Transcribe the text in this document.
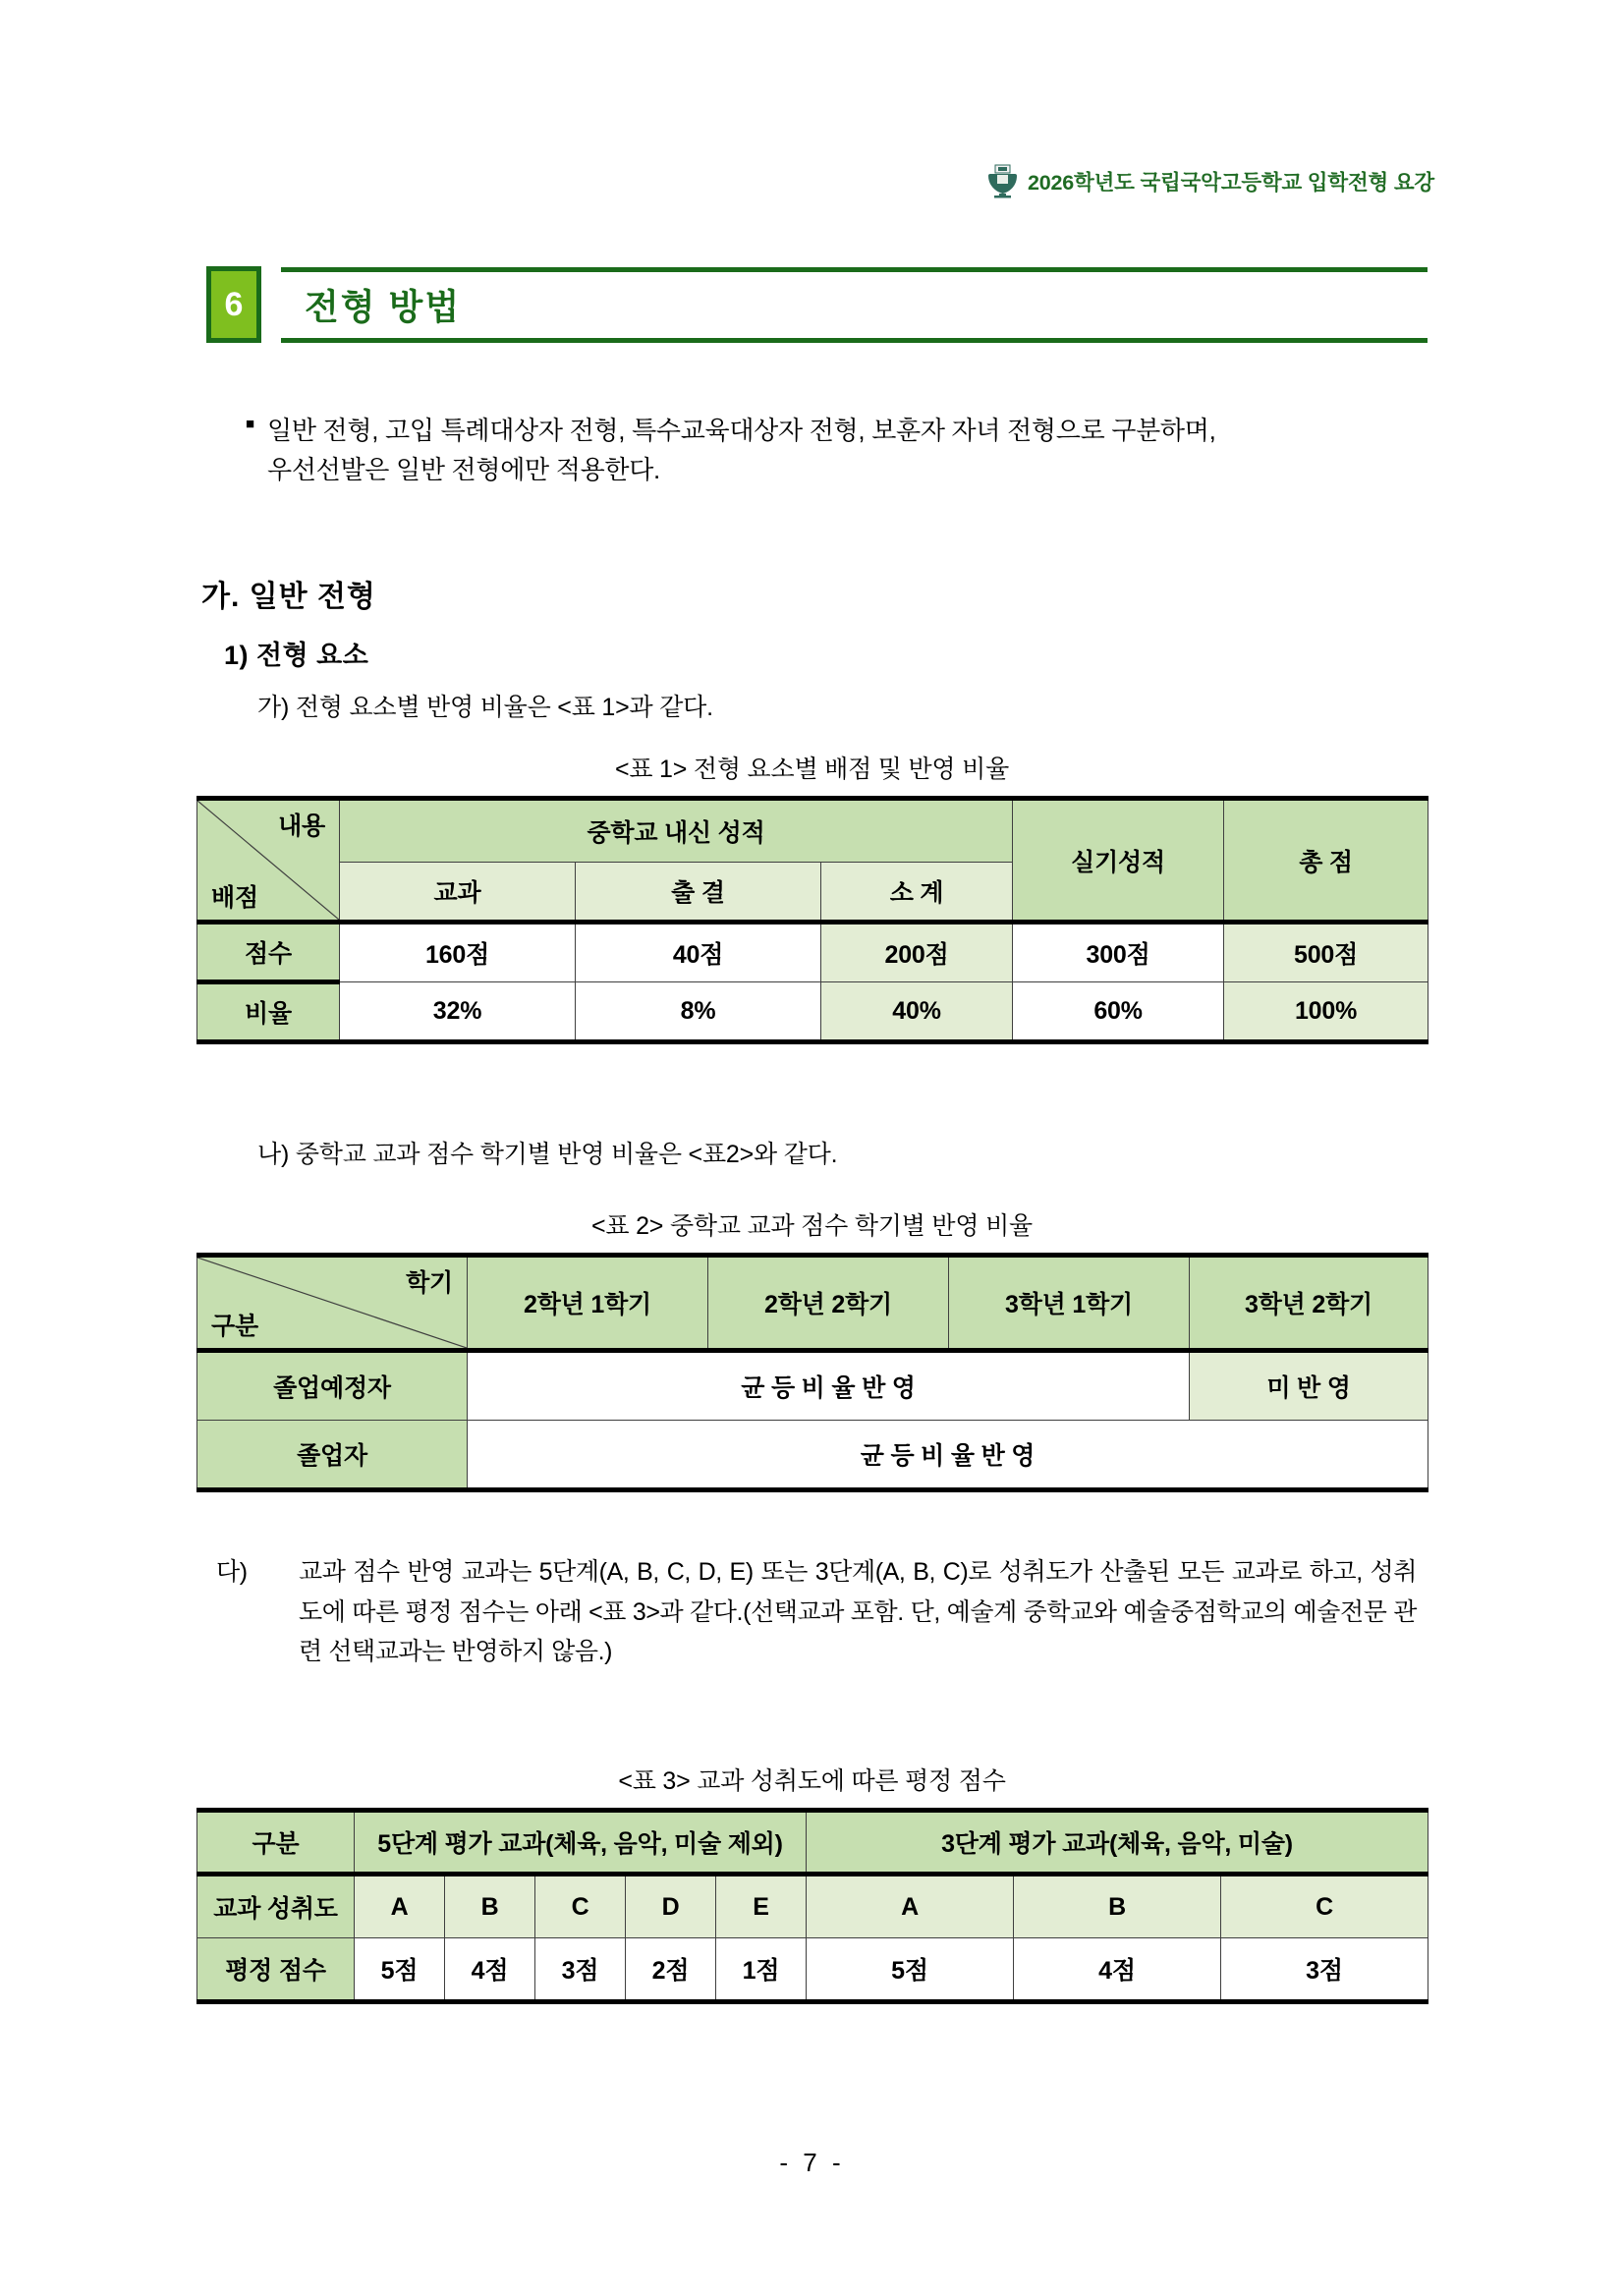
2026학년도 국립국악고등학교 입학전형 요강
6 전형 방법
■ 일반 전형, 고입 특례대상자 전형, 특수교육대상자 전형, 보훈자 자녀 전형으로 구분하며,
우선선발은 일반 전형에만 적용한다.
가. 일반 전형
1) 전형 요소
가) 전형 요소별 반영 비율은 <표 1>과 같다.
<표 1> 전형 요소별 배점 및 반영 비율
내용
배점	중학교 내신 성적			실기성적	총 점
	교과	출 결	소 계		
점수	160점	40점	200점	300점	500점
비율	32%	8%	40%	60%	100%
나) 중학교 교과 점수 학기별 반영 비율은 <표2>와 같다.
<표 2> 중학교 교과 점수 학기별 반영 비율
학기
구분	2학년 1학기	2학년 2학기	3학년 1학기	3학년 2학기
졸업예정자	균 등 비 율 반 영			미 반 영
졸업자	균 등 비 율 반 영			
다) 교과 점수 반영 교과는 5단계(A, B, C, D, E) 또는 3단계(A, B, C)로 성취도가 산출된 모든 교과로 하고, 성취도에 따른 평정 점수는 아래 <표 3>과 같다.(선택교과 포함. 단, 예술계 중학교와 예술중점학교의 예술전문 관련 선택교과는 반영하지 않음.)
<표 3> 교과 성취도에 따른 평정 점수
구분	5단계 평가 교과(체육, 음악, 미술 제외)					3단계 평가 교과(체육, 음악, 미술)		
교과 성취도	A	B	C	D	E	A	B	C
평정 점수	5점	4점	3점	2점	1점	5점	4점	3점
- 7 -
